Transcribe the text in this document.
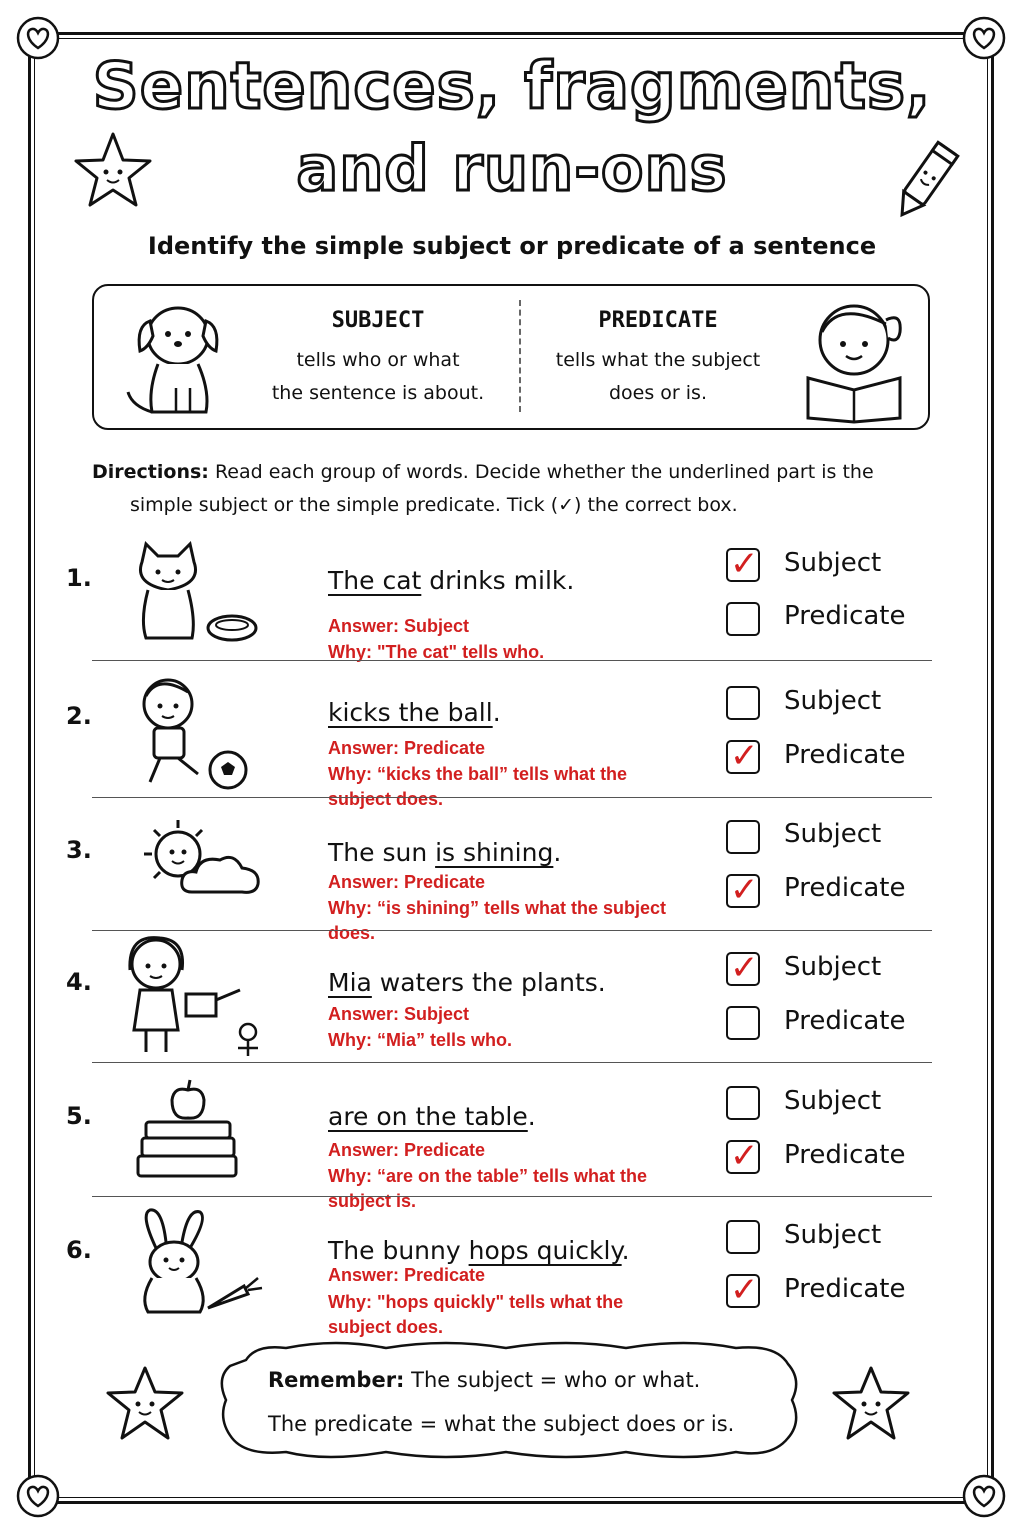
Sentences, fragments,
and run-ons
Identify the simple subject or predicate of a sentence
SUBJECT
tells who or what
the sentence is about.
PREDICATE
tells what the subject
does or is.
Directions: Read each group of words. Decide whether the underlined part is the
simple subject or the simple predicate. Tick (✓) the correct box.
1.	The cat drinks milk.
Answer: Subject
Why: "The cat" tells who.
✓ Subject
Predicate
2.	kicks the ball.
Answer: Predicate
Why: “kicks the ball” tells what the subject does.
Subject
✓ Predicate
3.	The sun is shining.
Answer: Predicate
Why: “is shining” tells what the subject does.
Subject
✓ Predicate
4.	Mia waters the plants.
Answer: Subject
Why: “Mia” tells who.
✓ Subject
Predicate
5.	are on the table.
Answer: Predicate
Why: “are on the table” tells what the subject is.
Subject
✓ Predicate
6.	The bunny hops quickly.
Answer: Predicate
Why: "hops quickly" tells what the subject does.
Subject
✓ Predicate
Remember: The subject = who or what.
The predicate = what the subject does or is.
